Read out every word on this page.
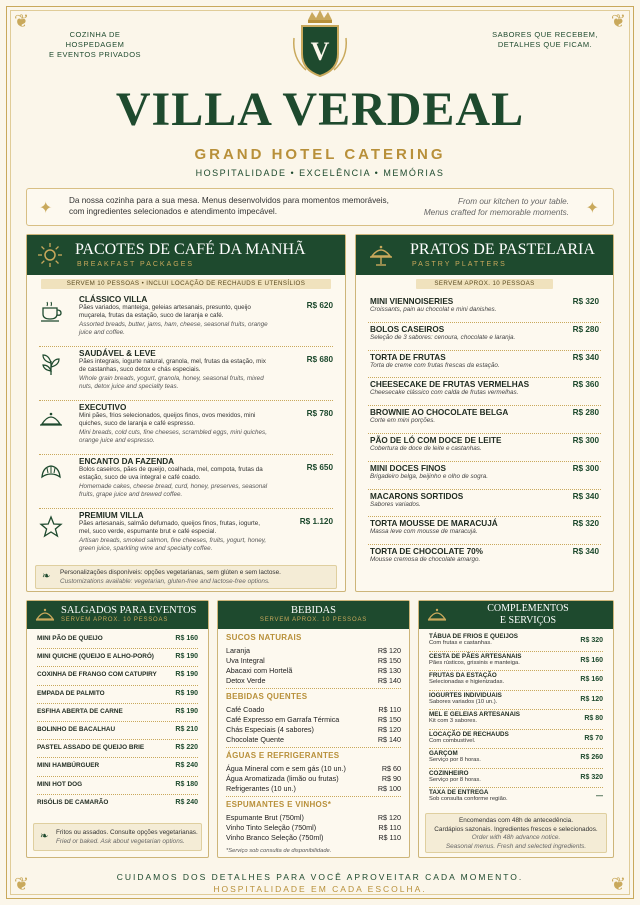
❦	❦
❦	❦
COZINHA DE HOSPEDAGEM
E EVENTOS PRIVADOS
SABORES QUE RECEBEM,
DETALHES QUE FICAM.
V
VILLA VERDEAL
GRAND HOTEL CATERING
HOSPITALIDADE • EXCELÊNCIA • MEMÓRIAS
✦ Da nossa cozinha para a sua mesa. Menus desenvolvidos para momentos memoráveis, com ingredientes selecionados e atendimento impecável.
From our kitchen to your table.
Menus crafted for memorable moments. ✦
PACOTES DE CAFÉ DA MANHÃ
BREAKFAST PACKAGES
SERVEM 10 PESSOAS • INCLUI LOCAÇÃO DE RECHAUDS E UTENSÍLIOS
CLÁSSICO VILLA
Pães variados, manteiga, geleias artesanais, presunto, queijo muçarela, frutas da estação, suco de laranja e café.
Assorted breads, butter, jams, ham, cheese, seasonal fruits, orange juice and coffee.
R$ 620
SAUDÁVEL & LEVE
Pães integrais, iogurte natural, granola, mel, frutas da estação, mix de castanhas, suco detox e chás especiais.
Whole grain breads, yogurt, granola, honey, seasonal fruits, mixed nuts, detox juice and specialty teas.
R$ 680
EXECUTIVO
Mini pães, frios selecionados, queijos finos, ovos mexidos, mini quiches, suco de laranja e café espresso.
Mini breads, cold cuts, fine cheeses, scrambled eggs, mini quiches, orange juice and espresso.
R$ 780
ENCANTO DA FAZENDA
Bolos caseiros, pães de queijo, coalhada, mel, compota, frutas da estação, suco de uva integral e café coado.
Homemade cakes, cheese bread, curd, honey, preserves, seasonal fruits, grape juice and brewed coffee.
R$ 650
PREMIUM VILLA
Pães artesanais, salmão defumado, queijos finos, frutas, iogurte, mel, suco verde, espumante brut e café especial.
Artisan breads, smoked salmon, fine cheeses, fruits, yogurt, honey, green juice, sparkling wine and specialty coffee.
R$ 1.120
❧ Personalizações disponíveis: opções vegetarianas, sem glúten e sem lactose.
Customizations available: vegetarian, gluten-free and lactose-free options.
PRATOS DE PASTELARIA
PASTRY PLATTERS
SERVEM APROX. 10 PESSOAS
MINI VIENNOISERIES	R$ 320
Croissants, pain au chocolat e mini danishes.
BOLOS CASEIROS	R$ 280
Seleção de 3 sabores: cenoura, chocolate e laranja.
TORTA DE FRUTAS	R$ 340
Torta de creme com frutas frescas da estação.
CHEESECAKE DE FRUTAS VERMELHAS	R$ 360
Cheesecake clássico com calda de frutas vermelhas.
BROWNIE AO CHOCOLATE BELGA	R$ 280
Corte em mini porções.
PÃO DE LÓ COM DOCE DE LEITE	R$ 300
Cobertura de doce de leite e castanhas.
MINI DOCES FINOS	R$ 300
Brigadeiro belga, beijinho e olho de sogra.
MACARONS SORTIDOS	R$ 340
Sabores variados.
TORTA MOUSSE DE MARACUJÁ	R$ 320
Massa leve com mousse de maracujá.
TORTA DE CHOCOLATE 70%	R$ 340
Mousse cremosa de chocolate amargo.
SALGADOS PARA EVENTOS
SERVEM APROX. 10 PESSOAS
MINI PÃO DE QUEIJO	R$ 160
MINI QUICHE (QUEIJO E ALHO-PORÓ)	R$ 190
COXINHA DE FRANGO COM CATUPIRY	R$ 190
EMPADA DE PALMITO	R$ 190
ESFIHA ABERTA DE CARNE	R$ 190
BOLINHO DE BACALHAU	R$ 210
PASTEL ASSADO DE QUEIJO BRIE	R$ 220
MINI HAMBÚRGUER	R$ 240
MINI HOT DOG	R$ 180
RISÓLIS DE CAMARÃO	R$ 240
❧ Fritos ou assados. Consulte opções vegetarianas.
Fried or baked. Ask about vegetarian options.
BEBIDAS
SERVEM APROX. 10 PESSOAS
SUCOS NATURAIS
Laranja	R$ 120
Uva Integral	R$ 150
Abacaxi com Hortelã	R$ 130
Detox Verde	R$ 140
BEBIDAS QUENTES
Café Coado	R$ 110
Café Expresso em Garrafa Térmica	R$ 150
Chás Especiais (4 sabores)	R$ 120
Chocolate Quente	R$ 140
ÁGUAS E REFRIGERANTES
Água Mineral com e sem gás (10 un.)	R$ 60
Água Aromatizada (limão ou frutas)	R$ 90
Refrigerantes (10 un.)	R$ 100
ESPUMANTES E VINHOS*
Espumante Brut (750ml)	R$ 120
Vinho Tinto Seleção (750ml)	R$ 110
Vinho Branco Seleção (750ml)	R$ 110
*Serviço sob consulta de disponibilidade.
COMPLEMENTOS
E SERVIÇOS
TÁBUA DE FRIOS E QUEIJOS
Com frutas e castanhas.	R$ 320
CESTA DE PÃES ARTESANAIS
Pães rústicos, grissinis e manteiga.	R$ 160
FRUTAS DA ESTAÇÃO
Selecionadas e higienizadas.	R$ 160
IOGURTES INDIVIDUAIS
Sabores variados (10 un.).	R$ 120
MEL E GELEIAS ARTESANAIS
Kit com 3 sabores.	R$ 80
LOCAÇÃO DE RECHAUDS
Com combustível.	R$ 70
GARÇOM
Serviço por 8 horas.	R$ 260
COZINHEIRO
Serviço por 8 horas.	R$ 320
TAXA DE ENTREGA
Sob consulta conforme região.	—
Encomendas com 48h de antecedência.
Cardápios sazonais. Ingredientes frescos e selecionados.
Order with 48h advance notice.
Seasonal menus. Fresh and selected ingredients.
CUIDAMOS DOS DETALHES PARA VOCÊ APROVEITAR CADA MOMENTO.
HOSPITALIDADE EM CADA ESCOLHA.
